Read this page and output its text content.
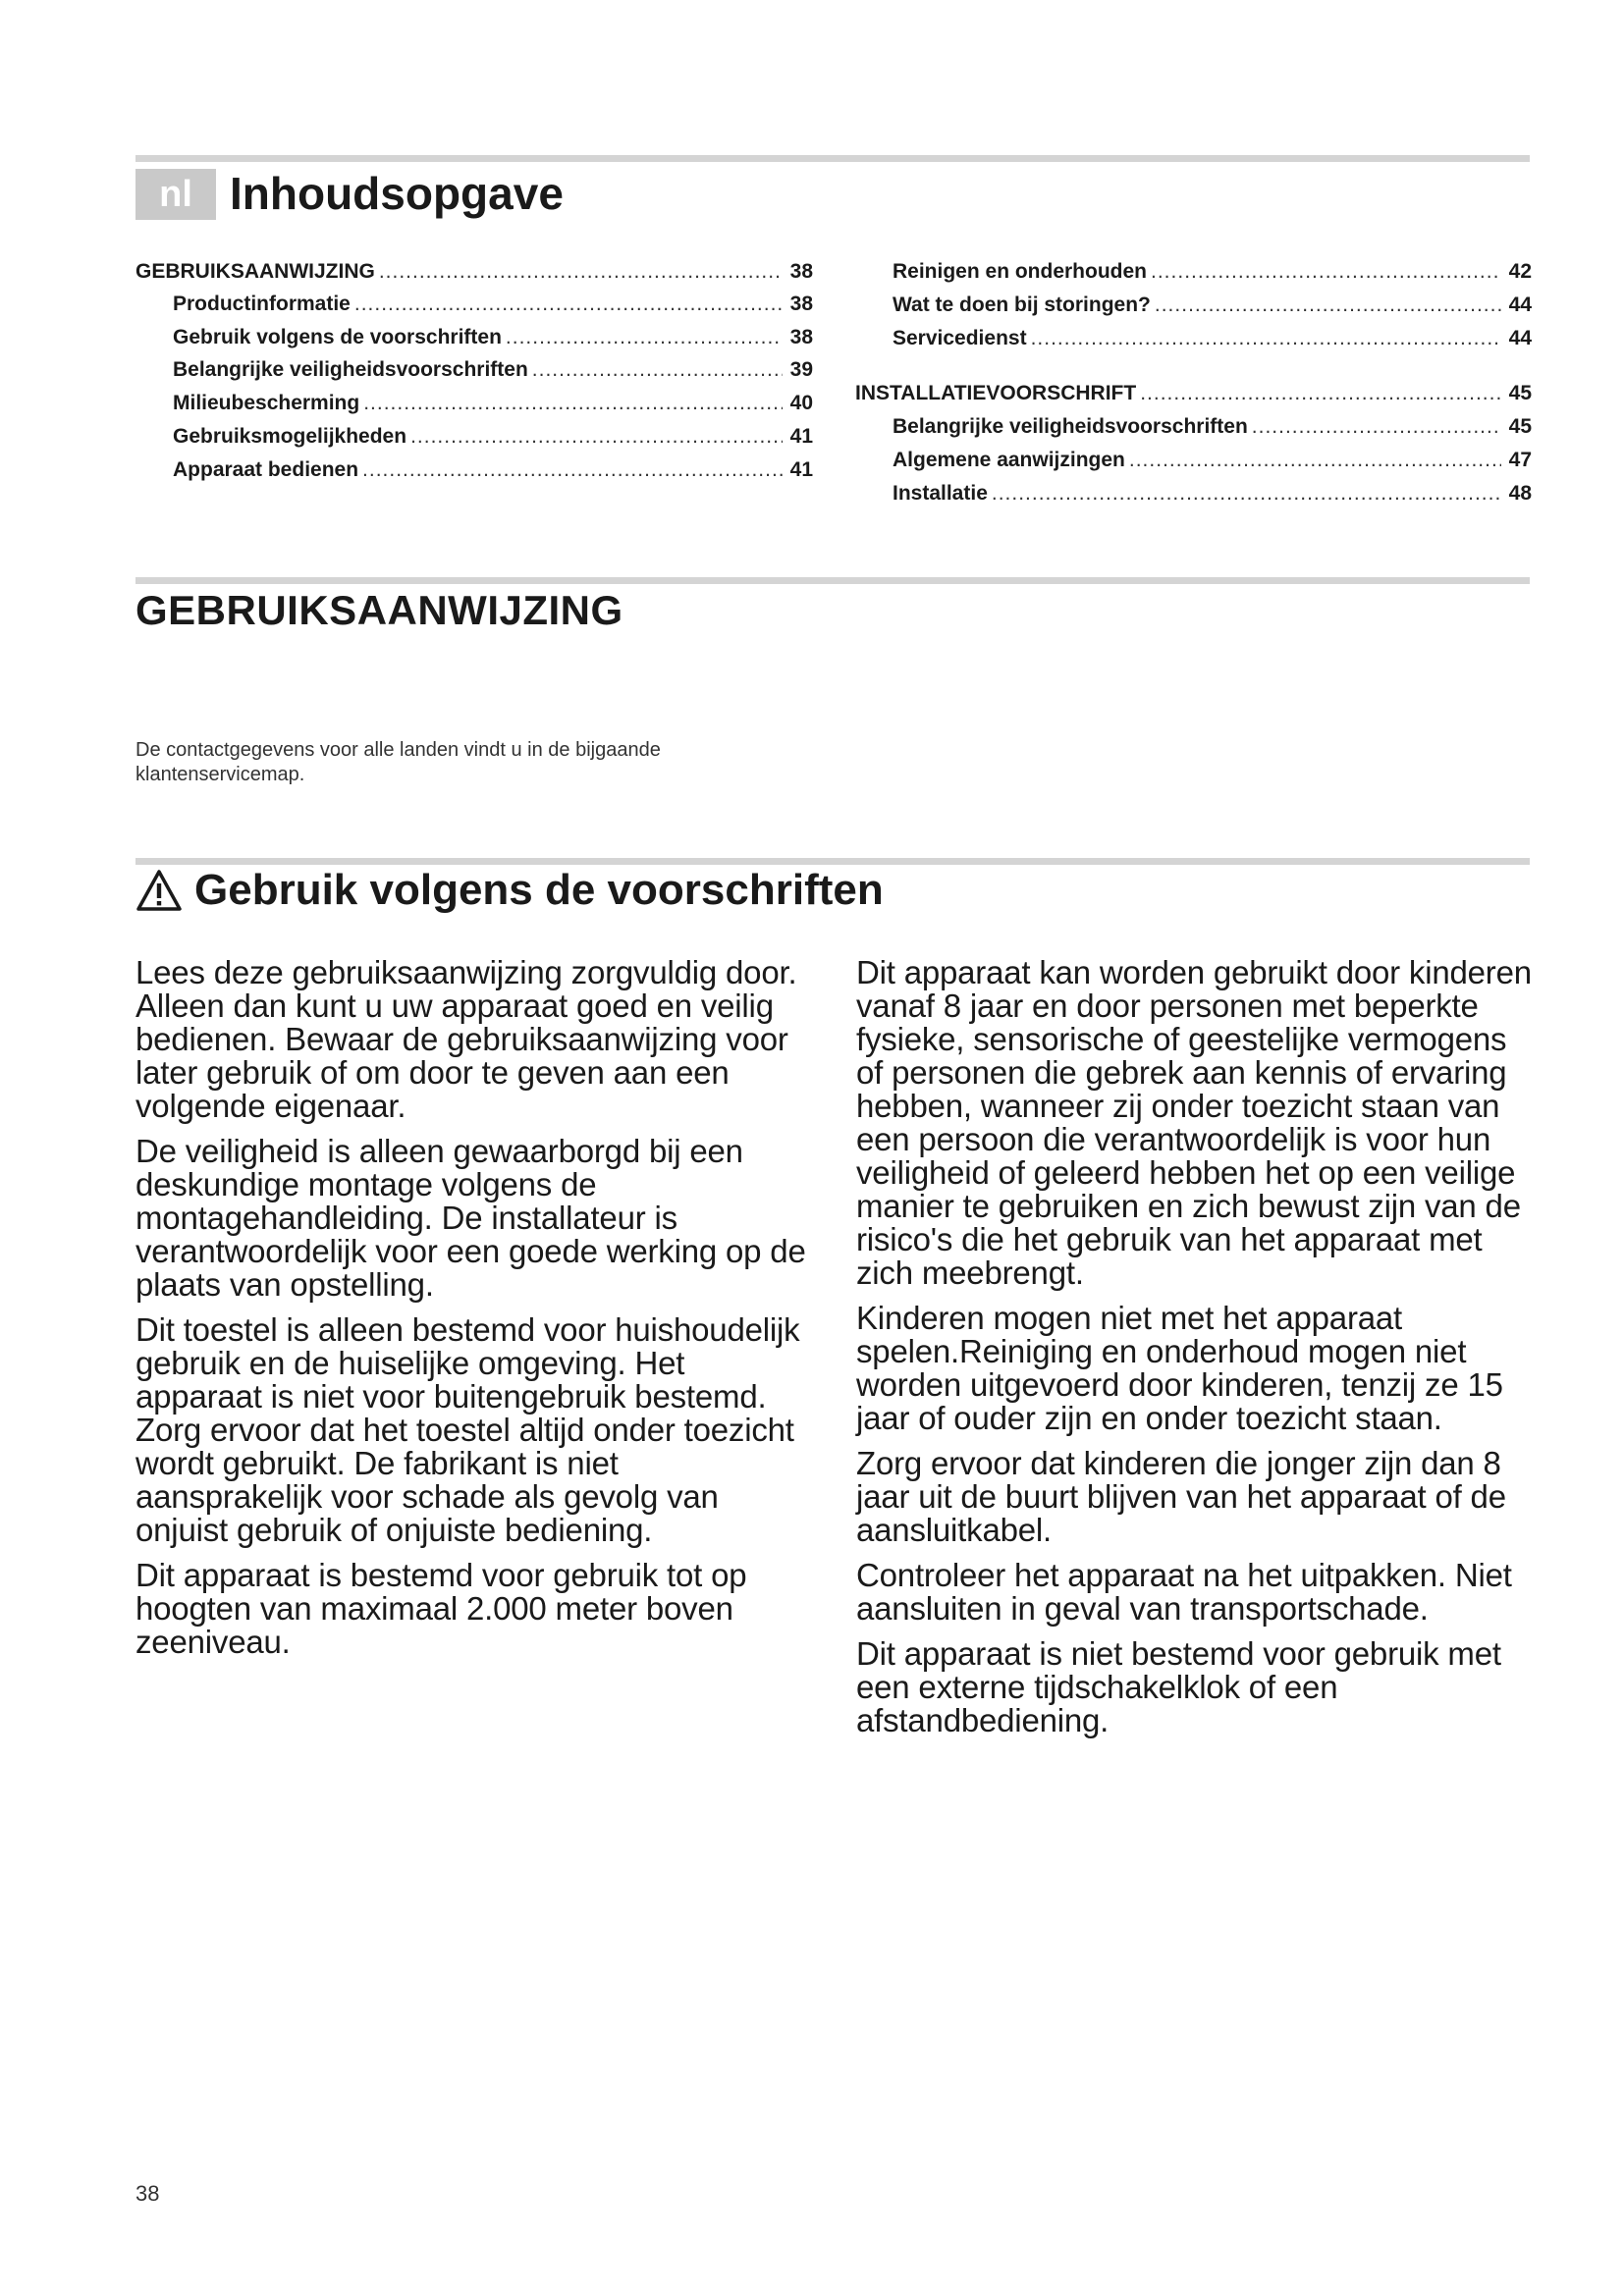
nl Inhoudsopgave
GEBRUIKSAANWIJZING .....	38
Productinformatie .....	38
Gebruik volgens de voorschriften .....	38
Belangrijke veiligheidsvoorschriften .....	39
Milieubescherming .....	40
Gebruiksmogelijkheden .....	41
Apparaat bedienen .....	41
Reinigen en onderhouden .....	42
Wat te doen bij storingen? .....	44
Servicedienst .....	44
INSTALLATIEVOORSCHRIFT .....	45
Belangrijke veiligheidsvoorschriften .....	45
Algemene aanwijzingen .....	47
Installatie .....	48
GEBRUIKSAANWIJZING
De contactgegevens voor alle landen vindt u in de bijgaande klantenservicemap.
Gebruik volgens de voorschriften

Lees deze gebruiksaanwijzing zorgvuldig door. Alleen dan kunt u uw apparaat goed en veilig bedienen. Bewaar de gebruiksaanwijzing voor later gebruik of om door te geven aan een volgende eigenaar.

De veiligheid is alleen gewaarborgd bij een deskundige montage volgens de montagehandleiding. De installateur is verantwoordelijk voor een goede werking op de plaats van opstelling.

Dit toestel is alleen bestemd voor huishoudelijk gebruik en de huiselijke omgeving. Het apparaat is niet voor buitengebruik bestemd. Zorg ervoor dat het toestel altijd onder toezicht wordt gebruikt. De fabrikant is niet aansprakelijk voor schade als gevolg van onjuist gebruik of onjuiste bediening.

Dit apparaat is bestemd voor gebruik tot op hoogten van maximaal 2.000 meter boven zeeniveau.

Dit apparaat kan worden gebruikt door kinderen vanaf 8 jaar en door personen met beperkte fysieke, sensorische of geestelijke vermogens of personen die gebrek aan kennis of ervaring hebben, wanneer zij onder toezicht staan van een persoon die verantwoordelijk is voor hun veiligheid of geleerd hebben het op een veilige manier te gebruiken en zich bewust zijn van de risico's die het gebruik van het apparaat met zich meebrengt.

Kinderen mogen niet met het apparaat spelen.Reiniging en onderhoud mogen niet worden uitgevoerd door kinderen, tenzij ze 15 jaar of ouder zijn en onder toezicht staan.

Zorg ervoor dat kinderen die jonger zijn dan 8 jaar uit de buurt blijven van het apparaat of de aansluitkabel.

Controleer het apparaat na het uitpakken. Niet aansluiten in geval van transportschade.

Dit apparaat is niet bestemd voor gebruik met een externe tijdschakelklok of een afstandbediening.

38
